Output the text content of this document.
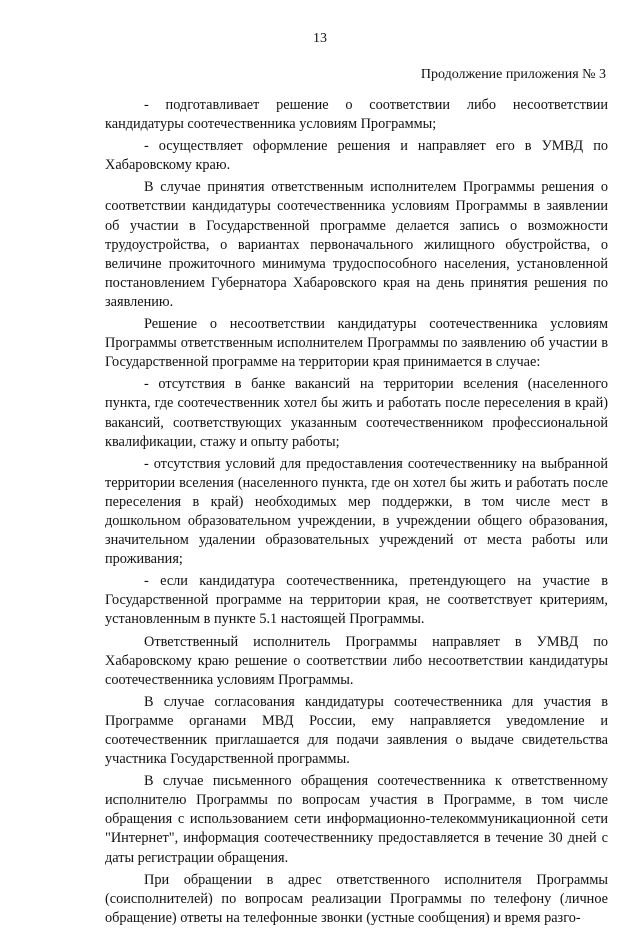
13
Продолжение приложения № 3

- подготавливает решение о соответствии либо несоответствии кандидатуры соотечественника условиям Программы;

- осуществляет оформление решения и направляет его в УМВД по Хабаровскому краю.

В случае принятия ответственным исполнителем Программы решения о соответствии кандидатуры соотечественника условиям Программы в заявлении об участии в Государственной программе делается запись о возможности трудоустройства, о вариантах первоначального жилищного обустройства, о величине прожиточного минимума трудоспособного населения, установленной постановлением Губернатора Хабаровского края на день принятия решения по заявлению.

Решение о несоответствии кандидатуры соотечественника условиям Программы ответственным исполнителем Программы по заявлению об участии в Государственной программе на территории края принимается в случае:

- отсутствия в банке вакансий на территории вселения (населенного пункта, где соотечественник хотел бы жить и работать после переселения в край) вакансий, соответствующих указанным соотечественником профессиональной квалификации, стажу и опыту работы;

- отсутствия условий для предоставления соотечественнику на выбранной территории вселения (населенного пункта, где он хотел бы жить и работать после переселения в край) необходимых мер поддержки, в том числе мест в дошкольном образовательном учреждении, в учреждении общего образования, значительном удалении образовательных учреждений от места работы или проживания;

- если кандидатура соотечественника, претендующего на участие в Государственной программе на территории края, не соответствует критериям, установленным в пункте 5.1 настоящей Программы.

Ответственный исполнитель Программы направляет в УМВД по Хабаровскому краю решение о соответствии либо несоответствии кандидатуры соотечественника условиям Программы.

В случае согласования кандидатуры соотечественника для участия в Программе органами МВД России, ему направляется уведомление и соотечественник приглашается для подачи заявления о выдаче свидетельства участника Государственной программы.

В случае письменного обращения соотечественника к ответственному исполнителю Программы по вопросам участия в Программе, в том числе обращения с использованием сети информационно-телекоммуникационной сети "Интернет", информация соотечественнику предоставляется в течение 30 дней с даты регистрации обращения.

При обращении в адрес ответственного исполнителя Программы (соисполнителей) по вопросам реализации Программы по телефону (личное обращение) ответы на телефонные звонки (устные сообщения) и время разго-
